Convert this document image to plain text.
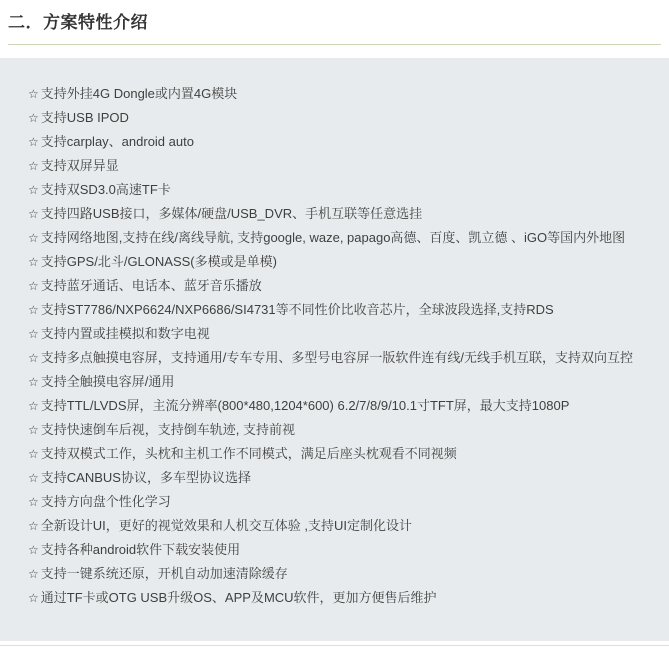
二．方案特性介绍
☆ 支持外挂4G Dongle或内置4G模块
☆ 支持USB IPOD
☆ 支持carplay、android auto
☆ 支持双屏异显
☆ 支持双SD3.0高速TF卡
☆ 支持四路USB接口，多媒体/硬盘/USB_DVR、手机互联等任意选挂
☆ 支持网络地图,支持在线/离线导航, 支持google, waze, papago高德、百度、凯立德 、iGO等国内外地图
☆ 支持GPS/北斗/GLONASS(多模或是单模)
☆ 支持蓝牙通话、电话本、蓝牙音乐播放
☆ 支持ST7786/NXP6624/NXP6686/SI4731等不同性价比收音芯片，全球波段选择,支持RDS
☆ 支持内置或挂模拟和数字电视
☆ 支持多点触摸电容屏，支持通用/专车专用、多型号电容屏一版软件连有线/无线手机互联，支持双向互控
☆ 支持全触摸电容屏/通用
☆ 支持TTL/LVDS屏，主流分辨率(800*480,1204*600) 6.2/7/8/9/10.1寸TFT屏，最大支持1080P
☆ 支持快速倒车后视，支持倒车轨迹, 支持前视
☆ 支持双模式工作，头枕和主机工作不同模式，满足后座头枕观看不同视频
☆ 支持CANBUS协议，多车型协议选择
☆ 支持方向盘个性化学习
☆ 全新设计UI，更好的视觉效果和人机交互体验 ,支持UI定制化设计
☆ 支持各种android软件下载安装使用
☆ 支持一键系统还原，开机自动加速清除缓存
☆ 通过TF卡或OTG USB升级OS、APP及MCU软件，更加方便售后维护
